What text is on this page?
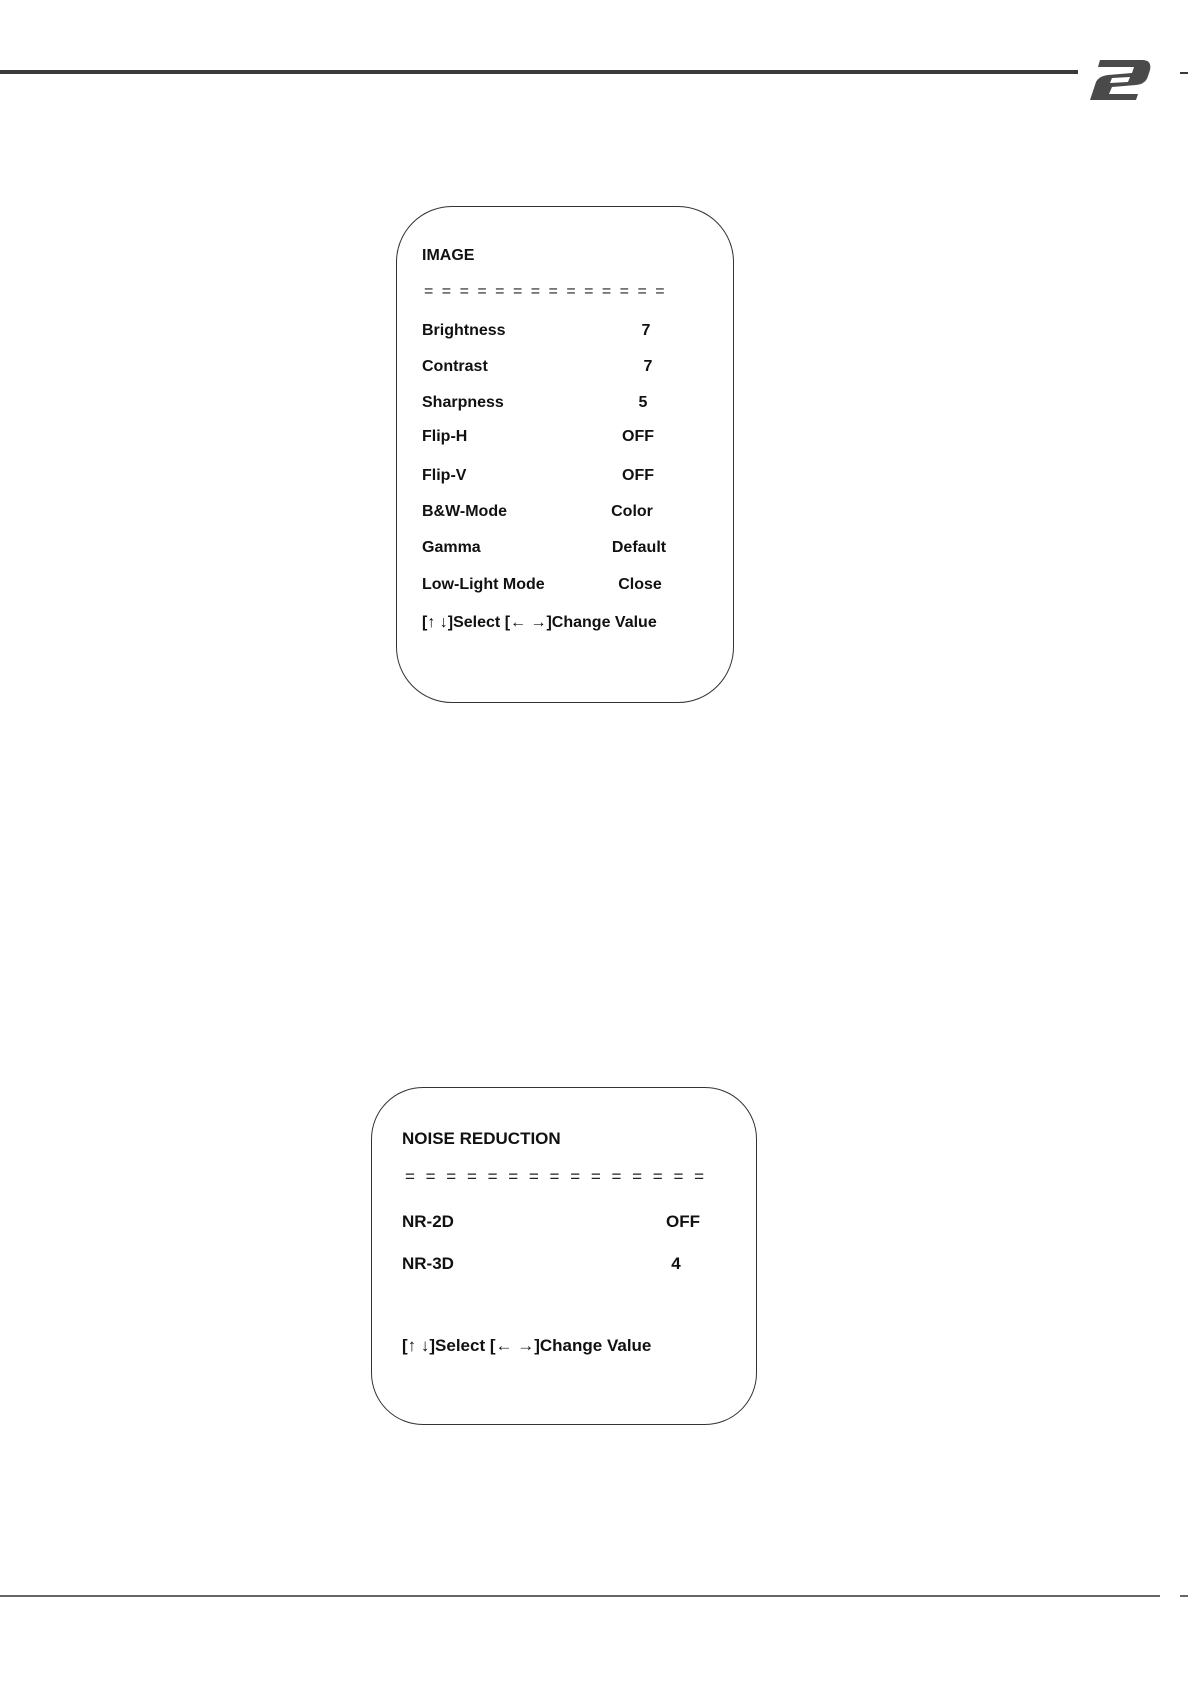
IMAGE
= = = = = = = = = = = = = =
Brightness	7
Contrast	7
Sharpness	5
Flip-H	OFF
Flip-V	OFF
B&W-Mode	Color
Gamma	Default
Low-Light Mode	Close
[↑ ↓]Select [← →]Change Value
NOISE REDUCTION
= = = = = = = = = = = = = = =
NR-2D	OFF
NR-3D	4
[↑ ↓]Select [← →]Change Value
